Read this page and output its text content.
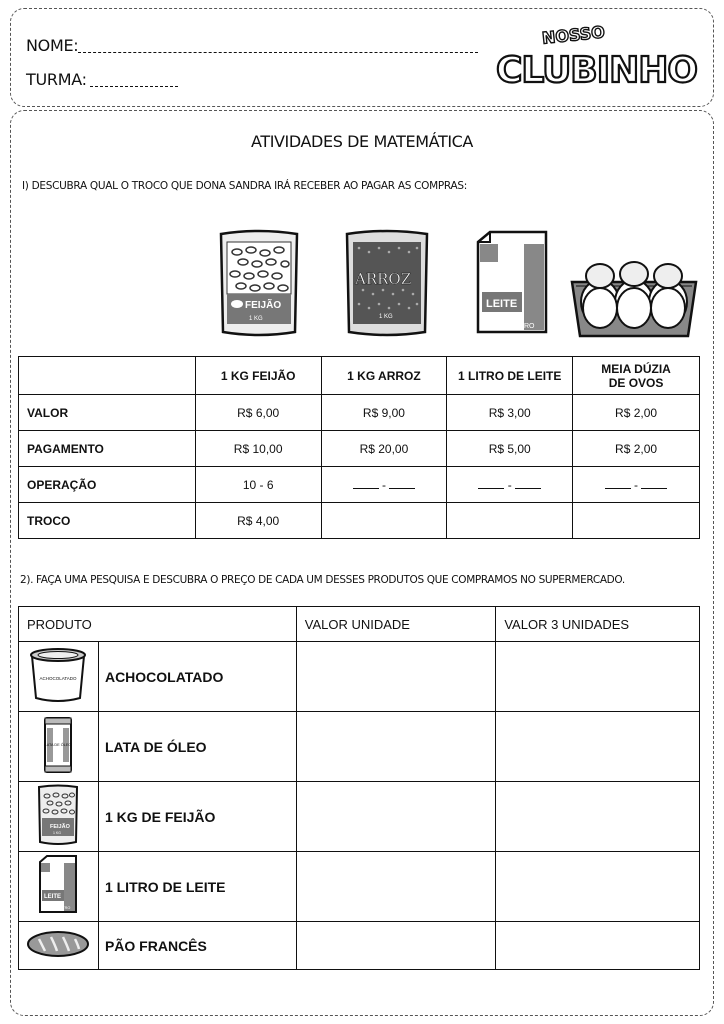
NOME:
TURMA:
NOSSO
CLUBINHO
ATIVIDADES DE MATEMÁTICA
I) DESCUBRA QUAL O TROCO QUE DONA SANDRA IRÁ RECEBER AO PAGAR AS COMPRAS:
FEIJÃO
1 KG
ARROZ
1 KG
LEITE
1 LITRO
	1 KG FEIJÃO	1 KG ARROZ	1 LITRO DE LEITE	MEIA DÚZIA DE OVOS
VALOR	R$ 6,00	R$ 9,00	R$ 3,00	R$ 2,00
PAGAMENTO	R$ 10,00	R$ 20,00	R$ 5,00	R$ 2,00
OPERAÇÃO	10 - 6	-	-	-
TROCO	R$ 4,00			
2). FAÇA UMA PESQUISA E DESCUBRA O PREÇO DE CADA UM DESSES PRODUTOS QUE COMPRAMOS NO SUPERMERCADO.
PRODUTO		VALOR UNIDADE	VALOR 3 UNIDADES

ACHOCOLATADO	ACHOCOLATADO		

LATA DE ÓLEO	LATA DE ÓLEO		

FEIJÃO
1 KG	1 KG DE FEIJÃO		

LEITE
1 LITRO	1 LITRO DE LEITE		
	PÃO FRANCÊS		
